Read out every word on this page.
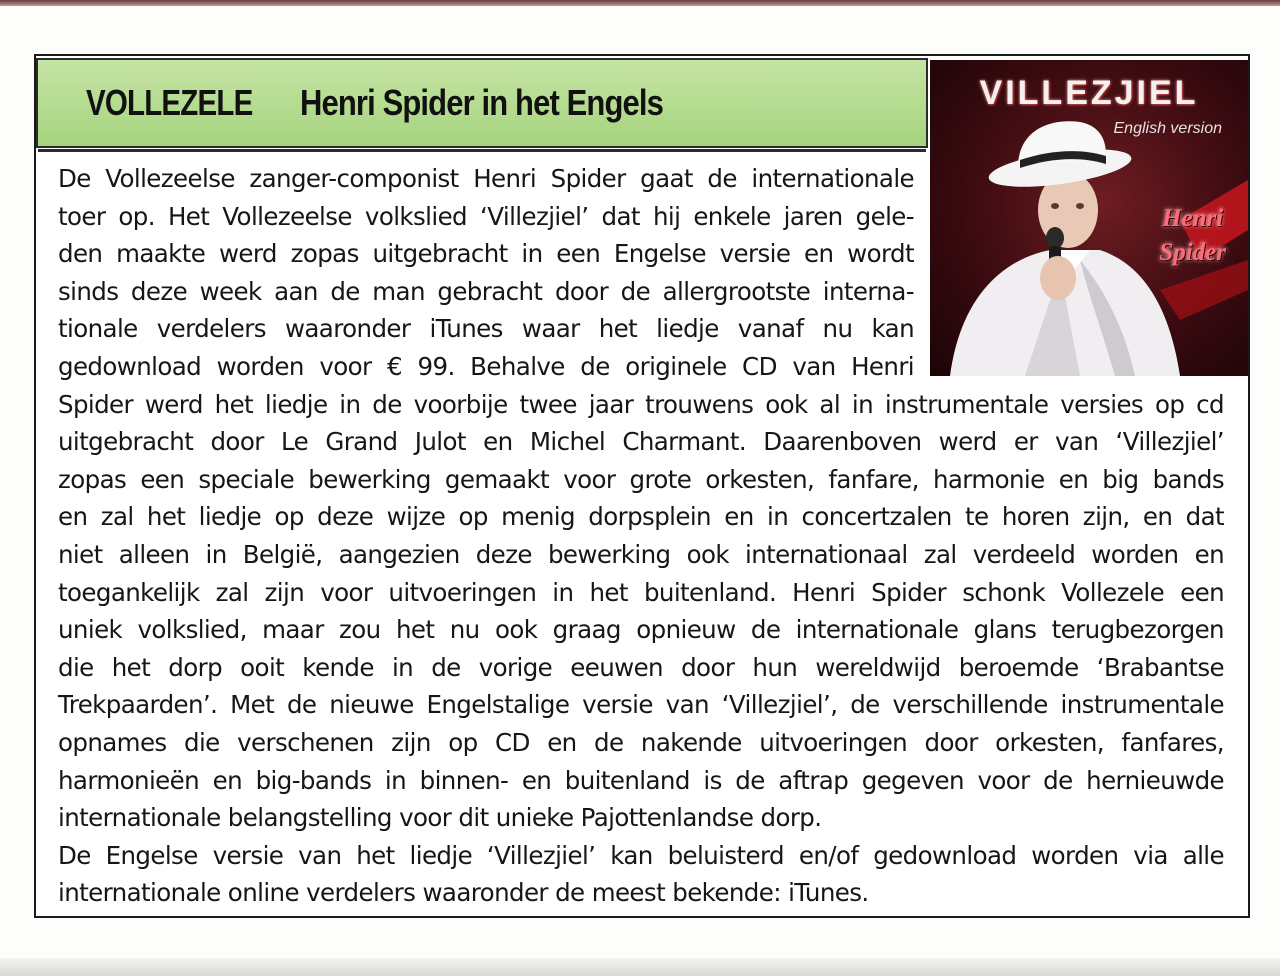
VOLLEZELE Henri Spider in het Engels	VILLEZJIEL
English version
Henri
Spider
De Vollezeelse zanger-componist Henri Spider gaat de internationale
toer op. Het Vollezeelse volkslied ‘Villezjiel’ dat hij enkele jaren gele-
den maakte werd zopas uitgebracht in een Engelse versie en wordt
sinds deze week aan de man gebracht door de allergrootste interna-
tionale verdelers waaronder iTunes waar het liedje vanaf nu kan
gedownload worden voor € 99. Behalve de originele CD van Henri
Spider werd het liedje in de voorbije twee jaar trouwens ook al in instrumentale versies op cd
uitgebracht door Le Grand Julot en Michel Charmant. Daarenboven werd er van ‘Villezjiel’
zopas een speciale bewerking gemaakt voor grote orkesten, fanfare, harmonie en big bands
en zal het liedje op deze wijze op menig dorpsplein en in concertzalen te horen zijn, en dat
niet alleen in België, aangezien deze bewerking ook internationaal zal verdeeld worden en
toegankelijk zal zijn voor uitvoeringen in het buitenland. Henri Spider schonk Vollezele een
uniek volkslied, maar zou het nu ook graag opnieuw de internationale glans terugbezorgen
die het dorp ooit kende in de vorige eeuwen door hun wereldwijd beroemde ‘Brabantse
Trekpaarden’. Met de nieuwe Engelstalige versie van ‘Villezjiel’, de verschillende instrumentale
opnames die verschenen zijn op CD en de nakende uitvoeringen door orkesten, fanfares,
harmonieën en big-bands in binnen- en buitenland is de aftrap gegeven voor de hernieuwde
internationale belangstelling voor dit unieke Pajottenlandse dorp.
De Engelse versie van het liedje ‘Villezjiel’ kan beluisterd en/of gedownload worden via alle
internationale online verdelers waaronder de meest bekende: iTunes.
